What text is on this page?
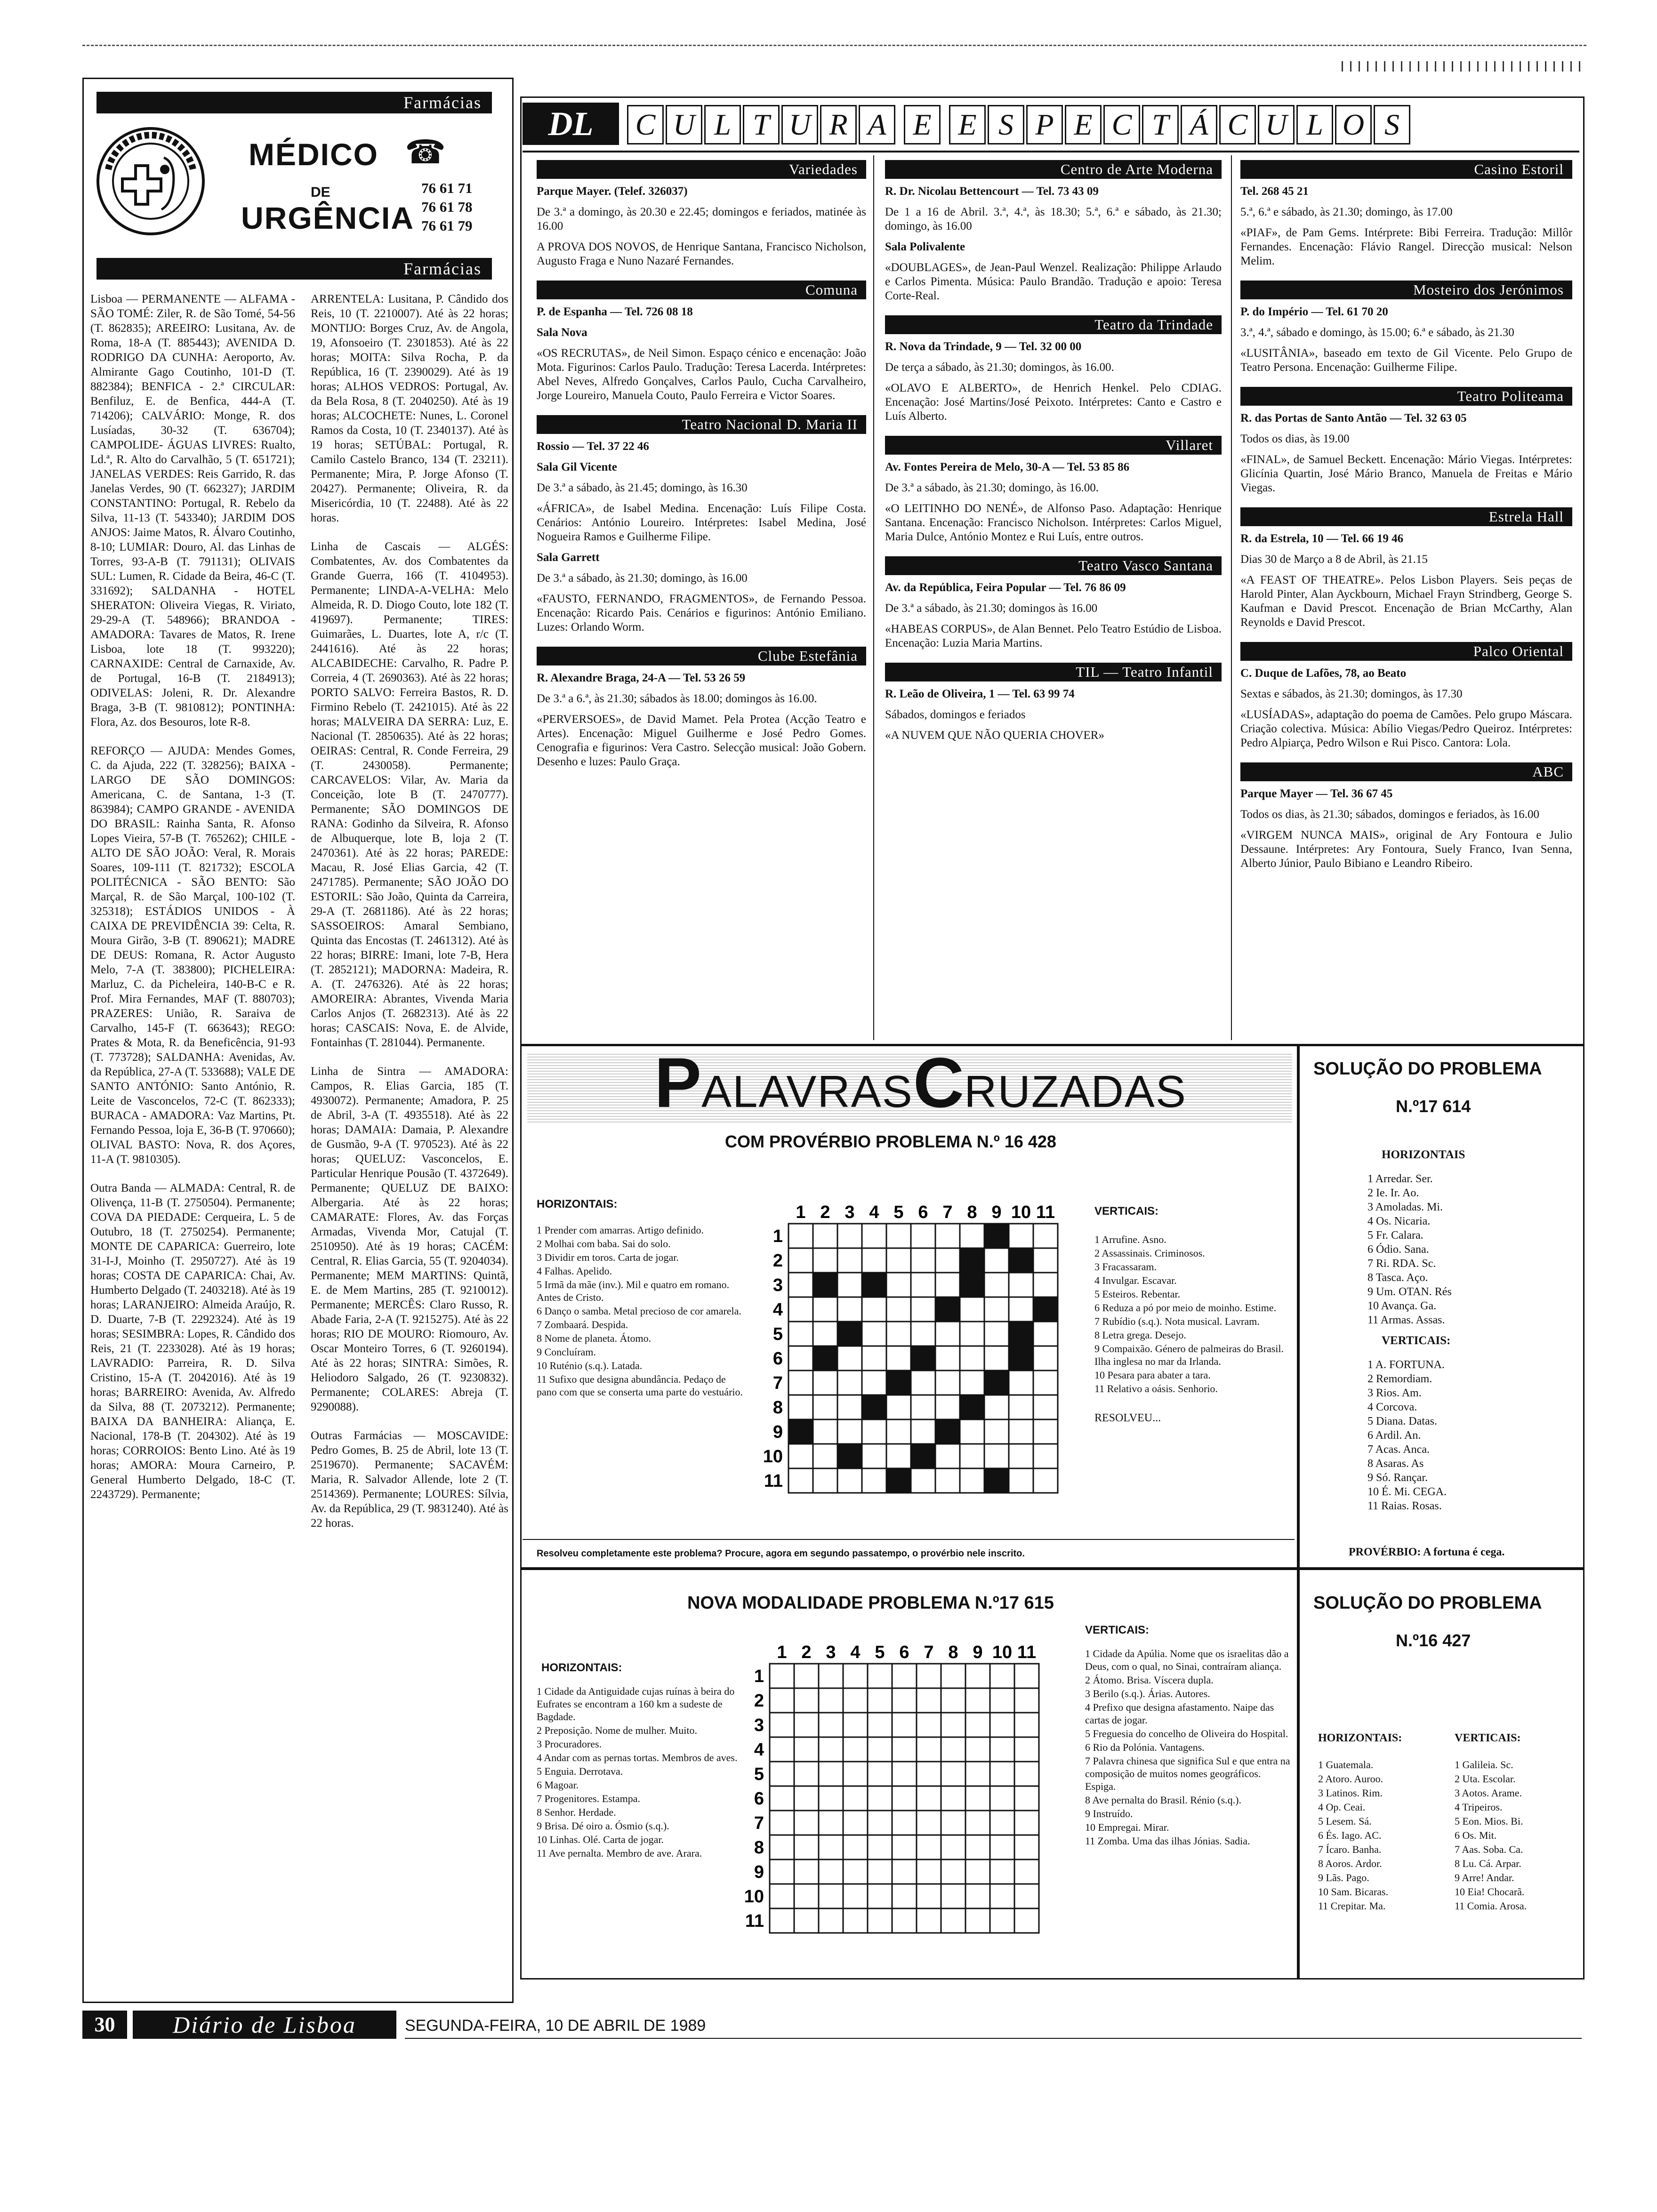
Farmácias
MÉDICO ☎
DE
URGÊNCIA
76 61 71
76 61 78
76 61 79
Farmácias

Lisboa — PERMANENTE — ALFAMA - SÃO TOMÉ: Ziler, R. de São Tomé, 54-56 (T. 862835); AREEIRO: Lusitana, Av. de Roma, 18-A (T. 885443); AVENIDA D. RODRIGO DA CUNHA: Aeroporto, Av. Almirante Gago Coutinho, 101-D (T. 882384); BENFICA - 2.ª CIRCULAR: Benfiluz, E. de Benfica, 444-A (T. 714206); CALVÁRIO: Monge, R. dos Lusíadas, 30-32 (T. 636704); CAMPOLIDE- ÁGUAS LIVRES: Rualto, Ld.ª, R. Alto do Carvalhão, 5 (T. 651721); JANELAS VERDES: Reis Garrido, R. das Janelas Verdes, 90 (T. 662327); JARDIM CONSTANTINO: Portugal, R. Rebelo da Silva, 11-13 (T. 543340); JARDIM DOS ANJOS: Jaime Matos, R. Álvaro Coutinho, 8-10; LUMIAR: Douro, Al. das Linhas de Torres, 93-A-B (T. 791131); OLIVAIS SUL: Lumen, R. Cidade da Beira, 46-C (T. 331692); SALDANHA - HOTEL SHERATON: Oliveira Viegas, R. Viriato, 29-29-A (T. 548966); BRANDOA - AMADORA: Tavares de Matos, R. Irene Lisboa, lote 18 (T. 993220); CARNAXIDE: Central de Carnaxide, Av. de Portugal, 16-B (T. 2184913); ODIVELAS: Joleni, R. Dr. Alexandre Braga, 3-B (T. 9810812); PONTINHA: Flora, Az. dos Besouros, lote R-8.

REFORÇO — AJUDA: Mendes Gomes, C. da Ajuda, 222 (T. 328256); BAIXA - LARGO DE SÃO DOMINGOS: Americana, C. de Santana, 1-3 (T. 863984); CAMPO GRANDE - AVENIDA DO BRASIL: Rainha Santa, R. Afonso Lopes Vieira, 57-B (T. 765262); CHILE - ALTO DE SÃO JOÃO: Veral, R. Morais Soares, 109-111 (T. 821732); ESCOLA POLITÉCNICA - SÃO BENTO: São Marçal, R. de São Marçal, 100-102 (T. 325318); ESTÁDIOS UNIDOS - À CAIXA DE PREVIDÊNCIA 39: Celta, R. Moura Girão, 3-B (T. 890621); MADRE DE DEUS: Romana, R. Actor Augusto Melo, 7-A (T. 383800); PICHELEIRA: Marluz, C. da Picheleira, 140-B-C e R. Prof. Mira Fernandes, MAF (T. 880703); PRAZERES: União, R. Saraiva de Carvalho, 145-F (T. 663643); REGO: Prates & Mota, R. da Beneficência, 91-93 (T. 773728); SALDANHA: Avenidas, Av. da República, 27-A (T. 533688); VALE DE SANTO ANTÓNIO: Santo António, R. Leite de Vasconcelos, 72-C (T. 862333); BURACA - AMADORA: Vaz Martins, Pt. Fernando Pessoa, loja E, 36-B (T. 970660); OLIVAL BASTO: Nova, R. dos Açores, 11-A (T. 9810305).

Outra Banda — ALMADA: Central, R. de Olivença, 11-B (T. 2750504). Permanente; COVA DA PIEDADE: Cerqueira, L. 5 de Outubro, 18 (T. 2750254). Permanente; MONTE DE CAPARICA: Guerreiro, lote 31-I-J, Moinho (T. 2950727). Até às 19 horas; COSTA DE CAPARICA: Chai, Av. Humberto Delgado (T. 2403218). Até às 19 horas; LARANJEIRO: Almeida Araújo, R. D. Duarte, 7-B (T. 2292324). Até às 19 horas; SESIMBRA: Lopes, R. Cândido dos Reis, 21 (T. 2233028). Até às 19 horas; LAVRADIO: Parreira, R. D. Silva Cristino, 15-A (T. 2042016). Até às 19 horas; BARREIRO: Avenida, Av. Alfredo da Silva, 88 (T. 2073212). Permanente; BAIXA DA BANHEIRA: Aliança, E. Nacional, 178-B (T. 204302). Até às 19 horas; CORROIOS: Bento Lino. Até às 19 horas; AMORA: Moura Carneiro, P. General Humberto Delgado, 18-C (T. 2243729). Permanente;

ARRENTELA: Lusitana, P. Cândido dos Reis, 10 (T. 2210007). Até às 22 horas; MONTIJO: Borges Cruz, Av. de Angola, 19, Afonsoeiro (T. 2301853). Até às 22 horas; MOITA: Silva Rocha, P. da República, 16 (T. 2390029). Até às 19 horas; ALHOS VEDROS: Portugal, Av. da Bela Rosa, 8 (T. 2040250). Até às 19 horas; ALCOCHETE: Nunes, L. Coronel Ramos da Costa, 10 (T. 2340137). Até às 19 horas; SETÚBAL: Portugal, R. Camilo Castelo Branco, 134 (T. 23211). Permanente; Mira, P. Jorge Afonso (T. 20427). Permanente; Oliveira, R. da Misericórdia, 10 (T. 22488). Até às 22 horas.

Linha de Cascais — ALGÉS: Combatentes, Av. dos Combatentes da Grande Guerra, 166 (T. 4104953). Permanente; LINDA-A-VELHA: Melo Almeida, R. D. Diogo Couto, lote 182 (T. 419697). Permanente; TIRES: Guimarães, L. Duartes, lote A, r/c (T. 2441616). Até às 22 horas; ALCABIDECHE: Carvalho, R. Padre P. Correia, 4 (T. 2690363). Até às 22 horas; PORTO SALVO: Ferreira Bastos, R. D. Firmino Rebelo (T. 2421015). Até às 22 horas; MALVEIRA DA SERRA: Luz, E. Nacional (T. 2850635). Até às 22 horas; OEIRAS: Central, R. Conde Ferreira, 29 (T. 2430058). Permanente; CARCAVELOS: Vilar, Av. Maria da Conceição, lote B (T. 2470777). Permanente; SÃO DOMINGOS DE RANA: Godinho da Silveira, R. Afonso de Albuquerque, lote B, loja 2 (T. 2470361). Até às 22 horas; PAREDE: Macau, R. José Elias Garcia, 42 (T. 2471785). Permanente; SÃO JOÃO DO ESTORIL: São João, Quinta da Carreira, 29-A (T. 2681186). Até às 22 horas; SASSOEIROS: Amaral Sembiano, Quinta das Encostas (T. 2461312). Até às 22 horas; BIRRE: Imani, lote 7-B, Hera (T. 2852121); MADORNA: Madeira, R. A. (T. 2476326). Até às 22 horas; AMOREIRA: Abrantes, Vivenda Maria Carlos Anjos (T. 2682313). Até às 22 horas; CASCAIS: Nova, E. de Alvide, Fontainhas (T. 281044). Permanente.

Linha de Sintra — AMADORA: Campos, R. Elias Garcia, 185 (T. 4930072). Permanente; Amadora, P. 25 de Abril, 3-A (T. 4935518). Até às 22 horas; DAMAIA: Damaia, P. Alexandre de Gusmão, 9-A (T. 970523). Até às 22 horas; QUELUZ: Vasconcelos, E. Particular Henrique Pousão (T. 4372649). Permanente; QUELUZ DE BAIXO: Albergaria. Até às 22 horas; CAMARATE: Flores, Av. das Forças Armadas, Vivenda Mor, Catujal (T. 2510950). Até às 19 horas; CACÉM: Central, R. Elias Garcia, 55 (T. 9204034). Permanente; MEM MARTINS: Quintã, E. de Mem Martins, 285 (T. 9210012). Permanente; MERCÊS: Claro Russo, R. Abade Faria, 2-A (T. 9215275). Até às 22 horas; RIO DE MOURO: Riomouro, Av. Oscar Monteiro Torres, 6 (T. 9260194). Até às 22 horas; SINTRA: Simões, R. Heliodoro Salgado, 26 (T. 9230832). Permanente; COLARES: Abreja (T. 9290088).

Outras Farmácias — MOSCAVIDE: Pedro Gomes, B. 25 de Abril, lote 13 (T. 2519670). Permanente; SACAVÉM: Maria, R. Salvador Allende, lote 2 (T. 2514369). Permanente; LOURES: Sílvia, Av. da República, 29 (T. 9831240). Até às 22 horas.

DL	C U L T U R A E E S P E C T Á C U L O S
Variedades
Parque Mayer. (Telef. 326037)
De 3.ª a domingo, às 20.30 e 22.45; domingos e feriados, matinée às 16.00
A PROVA DOS NOVOS, de Henrique Santana, Francisco Nicholson, Augusto Fraga e Nuno Nazaré Fernandes.
Comuna
P. de Espanha — Tel. 726 08 18
Sala Nova
«OS RECRUTAS», de Neil Simon. Espaço cénico e encenação: João Mota. Figurinos: Carlos Paulo. Tradução: Teresa Lacerda. Intérpretes: Abel Neves, Alfredo Gonçalves, Carlos Paulo, Cucha Carvalheiro, Jorge Loureiro, Manuela Couto, Paulo Ferreira e Victor Soares.
Teatro Nacional D. Maria II
Rossio — Tel. 37 22 46
Sala Gil Vicente
De 3.ª a sábado, às 21.45; domingo, às 16.30
«ÁFRICA», de Isabel Medina. Encenação: Luís Filipe Costa. Cenários: António Loureiro. Intérpretes: Isabel Medina, José Nogueira Ramos e Guilherme Filipe.
Sala Garrett
De 3.ª a sábado, às 21.30; domingo, às 16.00
«FAUSTO, FERNANDO, FRAGMENTOS», de Fernando Pessoa. Encenação: Ricardo Pais. Cenários e figurinos: António Emiliano. Luzes: Orlando Worm.
Clube Estefânia
R. Alexandre Braga, 24-A — Tel. 53 26 59
De 3.ª a 6.ª, às 21.30; sábados às 18.00; domingos às 16.00.
«PERVERSOES», de David Mamet. Pela Protea (Acção Teatro e Artes). Encenação: Miguel Guilherme e José Pedro Gomes. Cenografia e figurinos: Vera Castro. Selecção musical: João Gobern. Desenho e luzes: Paulo Graça.
Centro de Arte Moderna
R. Dr. Nicolau Bettencourt — Tel. 73 43 09
De 1 a 16 de Abril. 3.ª, 4.ª, às 18.30; 5.ª, 6.ª e sábado, às 21.30; domingo, às 16.00
Sala Polivalente
«DOUBLAGES», de Jean-Paul Wenzel. Realização: Philippe Arlaudo e Carlos Pimenta. Música: Paulo Brandão. Tradução e apoio: Teresa Corte-Real.
Teatro da Trindade
R. Nova da Trindade, 9 — Tel. 32 00 00
De terça a sábado, às 21.30; domingos, às 16.00.
«OLAVO E ALBERTO», de Henrich Henkel. Pelo CDIAG. Encenação: José Martins/José Peixoto. Intérpretes: Canto e Castro e Luís Alberto.
Villaret
Av. Fontes Pereira de Melo, 30-A — Tel. 53 85 86
De 3.ª a sábado, às 21.30; domingo, às 16.00.
«O LEITINHO DO NENÉ», de Alfonso Paso. Adaptação: Henrique Santana. Encenação: Francisco Nicholson. Intérpretes: Carlos Miguel, Maria Dulce, António Montez e Rui Luís, entre outros.
Teatro Vasco Santana
Av. da República, Feira Popular — Tel. 76 86 09
De 3.ª a sábado, às 21.30; domingos às 16.00
«HABEAS CORPUS», de Alan Bennet. Pelo Teatro Estúdio de Lisboa. Encenação: Luzia Maria Martins.
TIL — Teatro Infantil
R. Leão de Oliveira, 1 — Tel. 63 99 74
Sábados, domingos e feriados
«A NUVEM QUE NÃO QUERIA CHOVER»
Casino Estoril
Tel. 268 45 21
5.ª, 6.ª e sábado, às 21.30; domingo, às 17.00
«PIAF», de Pam Gems. Intérprete: Bibi Ferreira. Tradução: Millôr Fernandes. Encenação: Flávio Rangel. Direcção musical: Nelson Melim.
Mosteiro dos Jerónimos
P. do Império — Tel. 61 70 20
3.ª, 4.ª, sábado e domingo, às 15.00; 6.ª e sábado, às 21.30
«LUSITÂNIA», baseado em texto de Gil Vicente. Pelo Grupo de Teatro Persona. Encenação: Guilherme Filipe.
Teatro Politeama
R. das Portas de Santo Antão — Tel. 32 63 05
Todos os dias, às 19.00
«FINAL», de Samuel Beckett. Encenação: Mário Viegas. Intérpretes: Glicínia Quartin, José Mário Branco, Manuela de Freitas e Mário Viegas.
Estrela Hall
R. da Estrela, 10 — Tel. 66 19 46
Dias 30 de Março a 8 de Abril, às 21.15
«A FEAST OF THEATRE». Pelos Lisbon Players. Seis peças de Harold Pinter, Alan Ayckbourn, Michael Frayn Strindberg, George S. Kaufman e David Prescot. Encenação de Brian McCarthy, Alan Reynolds e David Prescot.
Palco Oriental
C. Duque de Lafões, 78, ao Beato
Sextas e sábados, às 21.30; domingos, às 17.30
«LUSÍADAS», adaptação do poema de Camões. Pelo grupo Máscara. Criação colectiva. Música: Abílio Viegas/Pedro Queiroz. Intérpretes: Pedro Alpiarça, Pedro Wilson e Rui Pisco. Cantora: Lola.
ABC
Parque Mayer — Tel. 36 67 45
Todos os dias, às 21.30; sábados, domingos e feriados, às 16.00
«VIRGEM NUNCA MAIS», original de Ary Fontoura e Julio Dessaune. Intérpretes: Ary Fontoura, Suely Franco, Ivan Senna, Alberto Júnior, Paulo Bibiano e Leandro Ribeiro.
PALAVRASCRUZADAS
COM PROVÉRBIO PROBLEMA N.º 16 428
HORIZONTAIS:
1 Prender com amarras. Artigo definido.
2 Molhai com baba. Sai do solo.
3 Dividir em toros. Carta de jogar.
4 Falhas. Apelido.
5 Irmã da mãe (inv.). Mil e quatro em romano. Antes de Cristo.
6 Danço o samba. Metal precioso de cor amarela.
7 Zombaará. Despida.
8 Nome de planeta. Átomo.
9 Concluíram.
10 Ruténio (s.q.). Latada.
11 Sufixo que designa abundância. Pedaço de pano com que se conserta uma parte do vestuário.
1
1
2
2
3
3
4
4
5
5
6
6
7
7
8
8
9
9
10
10
11
11
VERTICAIS:
1 Arrufine. Asno.
2 Assassinais. Criminosos.
3 Fracassaram.
4 Invulgar. Escavar.
5 Esteiros. Rebentar.
6 Reduza a pó por meio de moinho. Estime.
7 Rubídio (s.q.). Nota musical. Lavram.
8 Letra grega. Desejo.
9 Compaixão. Género de palmeiras do Brasil. Ilha inglesa no mar da Irlanda.
10 Pesara para abater a tara.
11 Relativo a oásis. Senhorio.
RESOLVEU...
Resolveu completamente este problema? Procure, agora em segundo passatempo, o provérbio nele inscrito.
SOLUÇÃO DO PROBLEMA
N.º17 614
HORIZONTAIS
1 Arredar. Ser.
2 Ie. Ir. Ao.
3 Amoladas. Mi.
4 Os. Nicaria.
5 Fr. Calara.
6 Ódio. Sana.
7 Ri. RDA. Sc.
8 Tasca. Aço.
9 Um. OTAN. Rés
10 Avança. Ga.
11 Armas. Assas.
VERTICAIS:
1 A. FORTUNA.
2 Remordiam.
3 Rios. Am.
4 Corcova.
5 Diana. Datas.
6 Ardil. An.
7 Acas. Anca.
8 Asaras. As
9 Só. Rançar.
10 É. Mi. CEGA.
11 Raias. Rosas.
PROVÉRBIO: A fortuna é cega.
NOVA MODALIDADE PROBLEMA N.º17 615
HORIZONTAIS:
1 Cidade da Antiguidade cujas ruínas à beira do Eufrates se encontram a 160 km a sudeste de Bagdade.
2 Preposição. Nome de mulher. Muito.
3 Procuradores.
4 Andar com as pernas tortas. Membros de aves.
5 Enguia. Derrotava.
6 Magoar.
7 Progenitores. Estampa.
8 Senhor. Herdade.
9 Brisa. Dé oiro a. Ósmio (s.q.).
10 Linhas. Olé. Carta de jogar.
11 Ave pernalta. Membro de ave. Arara.
1
1
2
2
3
3
4
4
5
5
6
6
7
7
8
8
9
9
10
10
11
11
VERTICAIS:
1 Cidade da Apúlia. Nome que os israelitas dão a Deus, com o qual, no Sinai, contraíram aliança.
2 Átomo. Brisa. Víscera dupla.
3 Berilo (s.q.). Árias. Autores.
4 Prefixo que designa afastamento. Naipe das cartas de jogar.
5 Freguesia do concelho de Oliveira do Hospital.
6 Rio da Polónia. Vantagens.
7 Palavra chinesa que significa Sul e que entra na composição de muitos nomes geográficos. Espiga.
8 Ave pernalta do Brasil. Rénio (s.q.).
9 Instruído.
10 Empregai. Mirar.
11 Zomba. Uma das ilhas Jónias. Sadia.
SOLUÇÃO DO PROBLEMA
N.º16 427
HORIZONTAIS:
1 Guatemala.
2 Atoro. Auroo.
3 Latinos. Rim.
4 Op. Ceai.
5 Lesem. Sá.
6 És. Iago. AC.
7 Ícaro. Banha.
8 Aoros. Ardor.
9 Lãs. Pago.
10 Sam. Bicaras.
11 Crepitar. Ma.
VERTICAIS:
1 Galileia. Sc.
2 Uta. Escolar.
3 Aotos. Arame.
4 Tripeiros.
5 Eon. Mios. Bi.
6 Os. Mit.
7 Aas. Soba. Ca.
8 Lu. Cá. Arpar.
9 Arre! Andar.
10 Eia! Chocarã.
11 Comia. Arosa.
30	Diário de Lisboa	SEGUNDA-FEIRA, 10 DE ABRIL DE 1989
